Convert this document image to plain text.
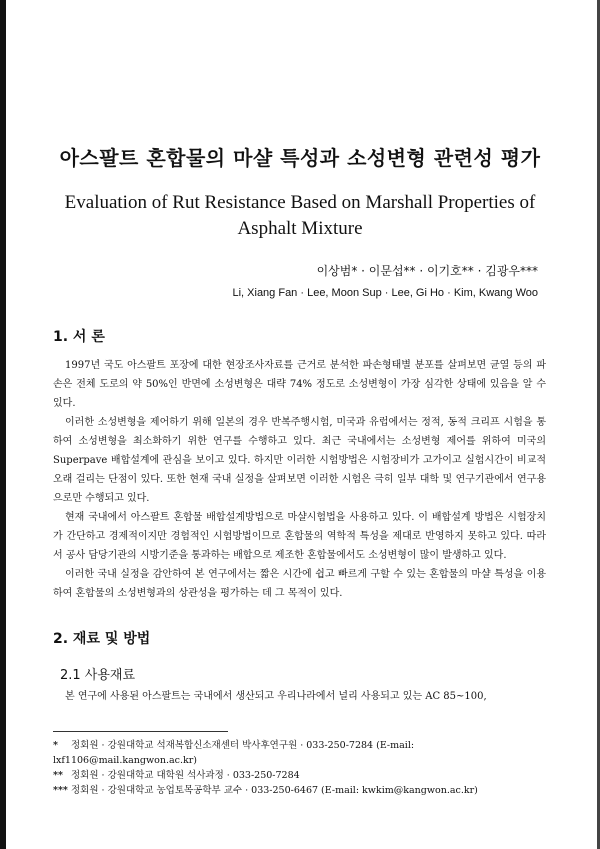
아스팔트 혼합물의 마샬 특성과 소성변형 관련성 평가
Evaluation of Rut Resistance Based on Marshall Properties of
Asphalt Mixture
이상범* · 이문섭** · 이기호** · 김광우***
Li, Xiang Fan · Lee, Moon Sup · Lee, Gi Ho · Kim, Kwang Woo
1. 서 론

1997년 국도 아스팔트 포장에 대한 현장조사자료를 근거로 분석한 파손형태별 분포를 살펴보면 균열 등의 파손은 전체 도로의 약 50%인 반면에 소성변형은 대략 74% 정도로 소성변형이 가장 심각한 상태에 있음을 알 수 있다.

이러한 소성변형을 제어하기 위해 일본의 경우 반복주행시험, 미국과 유럽에서는 정적, 동적 크리프 시험을 통하여 소성변형을 최소화하기 위한 연구를 수행하고 있다. 최근 국내에서는 소성변형 제어를 위하여 미국의 Superpave 배합설계에 관심을 보이고 있다. 하지만 이러한 시험방법은 시험장비가 고가이고 실험시간이 비교적 오래 걸리는 단점이 있다. 또한 현재 국내 실정을 살펴보면 이러한 시험은 극히 일부 대학 및 연구기관에서 연구용으로만 수행되고 있다.

현재 국내에서 아스팔트 혼합물 배합설계방법으로 마샬시험법을 사용하고 있다. 이 배합설계 방법은 시험장치가 간단하고 경제적이지만 경험적인 시험방법이므로 혼합물의 역학적 특성을 제대로 반영하지 못하고 있다. 따라서 공사 담당기관의 시방기준을 통과하는 배합으로 제조한 혼합물에서도 소성변형이 많이 발생하고 있다.

이러한 국내 실정을 감안하여 본 연구에서는 짧은 시간에 쉽고 빠르게 구할 수 있는 혼합물의 마샬 특성을 이용하여 혼합물의 소성변형과의 상관성을 평가하는 데 그 목적이 있다.

2. 재료 및 방법
2.1 사용재료

본 연구에 사용된 아스팔트는 국내에서 생산되고 우리나라에서 널리 사용되고 있는 AC 85~100,

* 정회원 · 강원대학교 석재복합신소재센터 박사후연구원 · 033-250-7284 (E-mail: lxf1106@mail.kangwon.ac.kr)
** 정회원 · 강원대학교 대학원 석사과정 · 033-250-7284
*** 정회원 · 강원대학교 농업토목공학부 교수 · 033-250-6467 (E-mail: kwkim@kangwon.ac.kr)
